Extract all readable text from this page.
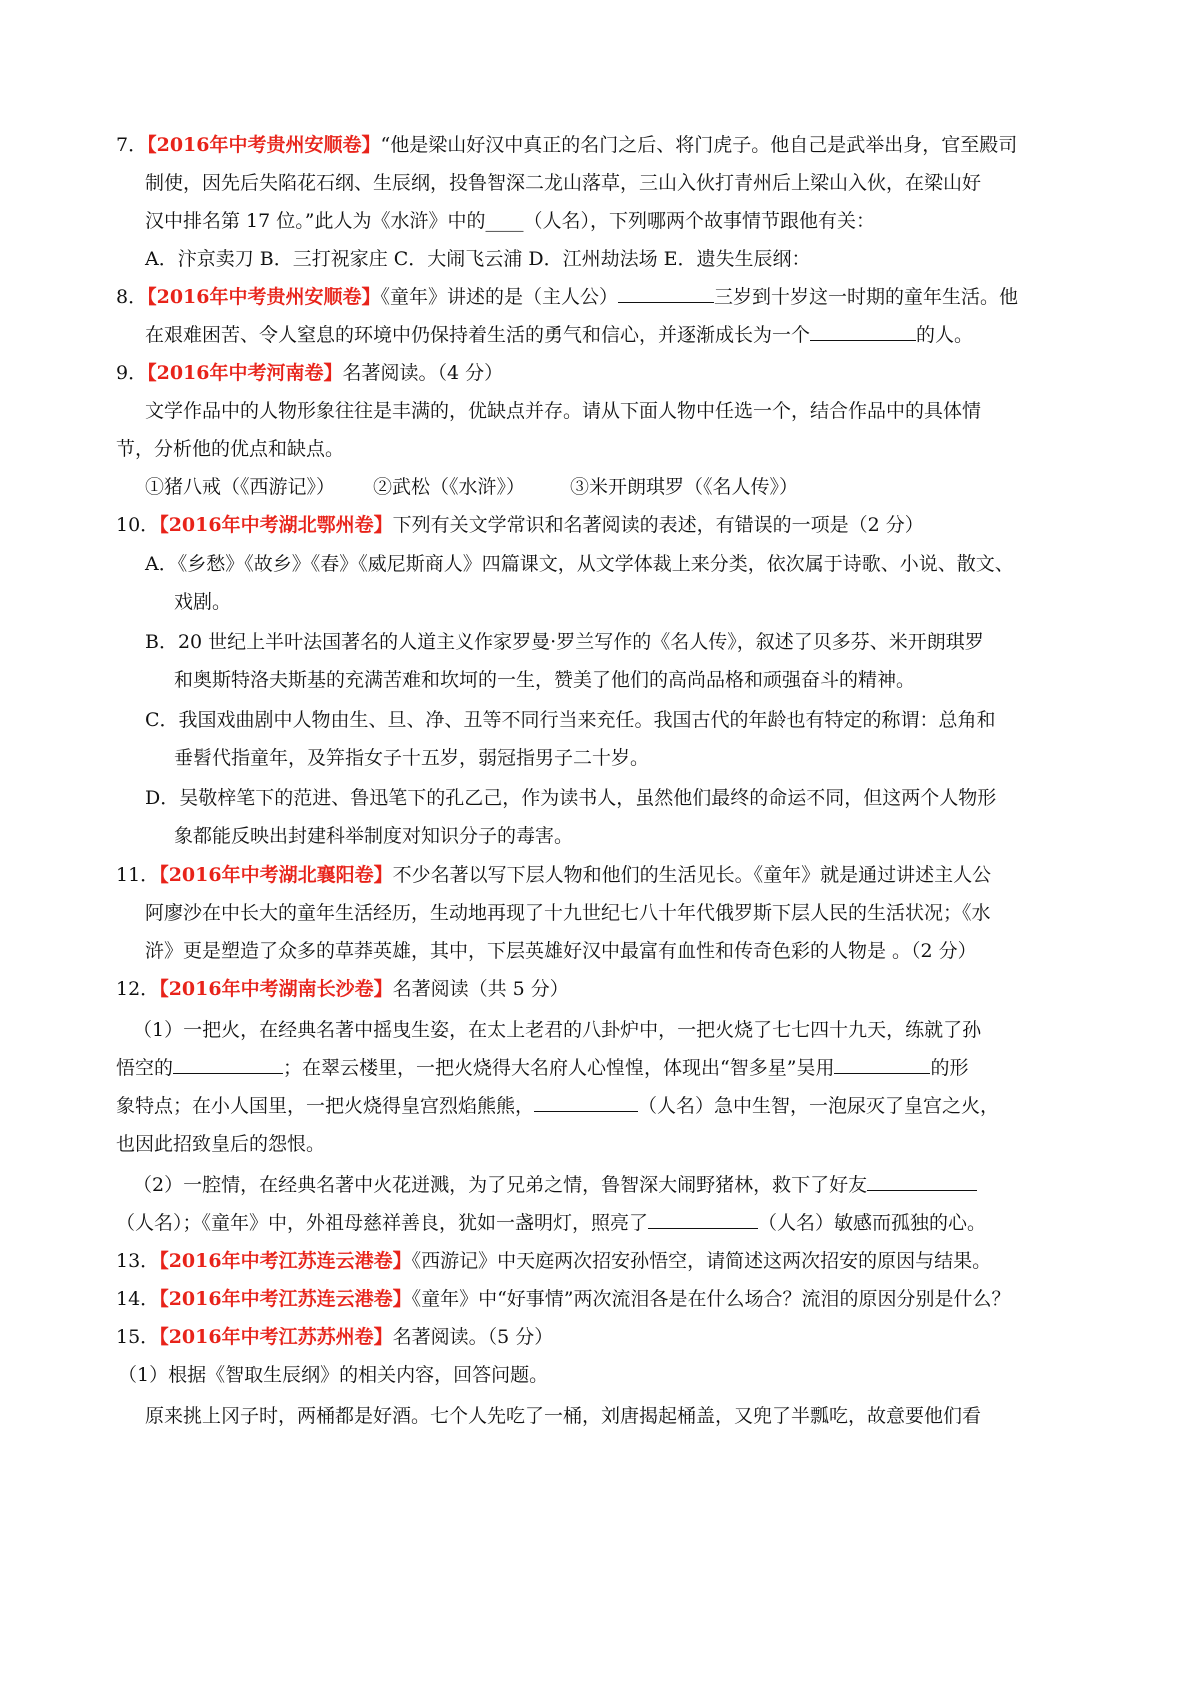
7．【2016年中考贵州安顺卷】“他是梁山好汉中真正的名门之后、将门虎子。他自己是武举出身，官至殿司
制使，因先后失陷花石纲、生辰纲，投鲁智深二龙山落草，三山入伙打青州后上梁山入伙，在梁山好
汉中排名第 17 位。”此人为《水浒》中的____（人名），下列哪两个故事情节跟他有关：
A．汴京卖刀 B．三打祝家庄 C．大闹飞云浦 D．江州劫法场 E．遗失生辰纲：
8．【2016年中考贵州安顺卷】《童年》讲述的是（主人公）	三岁到十岁这一时期的童年生活。他
在艰难困苦、令人窒息的环境中仍保持着生活的勇气和信心，并逐渐成长为一个	的人。
9．【2016年中考河南卷】名著阅读。（4 分）
文学作品中的人物形象往往是丰满的，优缺点并存。请从下面人物中任选一个，结合作品中的具体情
节，分析他的优点和缺点。
①猪八戒（《西游记》） ②武松（《水浒》） ③米开朗琪罗（《名人传》）
10．【2016年中考湖北鄂州卷】下列有关文学常识和名著阅读的表述，有错误的一项是（2 分）
A．《乡愁》《故乡》《春》《威尼斯商人》四篇课文，从文学体裁上来分类，依次属于诗歌、小说、散文、
戏剧。
B．20 世纪上半叶法国著名的人道主义作家罗曼·罗兰写作的《名人传》，叙述了贝多芬、米开朗琪罗
和奥斯特洛夫斯基的充满苦难和坎坷的一生，赞美了他们的高尚品格和顽强奋斗的精神。
C．我国戏曲剧中人物由生、旦、净、丑等不同行当来充任。我国古代的年龄也有特定的称谓：总角和
垂髫代指童年，及笄指女子十五岁，弱冠指男子二十岁。
D．吴敬梓笔下的范进、鲁迅笔下的孔乙己，作为读书人，虽然他们最终的命运不同，但这两个人物形
象都能反映出封建科举制度对知识分子的毒害。
11．【2016年中考湖北襄阳卷】不少名著以写下层人物和他们的生活见长。《童年》就是通过讲述主人公
阿廖沙在中长大的童年生活经历，生动地再现了十九世纪七八十年代俄罗斯下层人民的生活状况；《水
浒》更是塑造了众多的草莽英雄，其中，下层英雄好汉中最富有血性和传奇色彩的人物是 。（2 分）
12．【2016年中考湖南长沙卷】名著阅读（共 5 分）
（1）一把火，在经典名著中摇曳生姿，在太上老君的八卦炉中，一把火烧了七七四十九天，练就了孙
悟空的	；在翠云楼里，一把火烧得大名府人心惶惶，体现出“智多星”吴用	的形
象特点；在小人国里，一把火烧得皇宫烈焰熊熊，	（人名）急中生智，一泡尿灭了皇宫之火，
也因此招致皇后的怨恨。
（2）一腔情，在经典名著中火花迸溅，为了兄弟之情，鲁智深大闹野猪林，救下了好友
（人名）；《童年》中，外祖母慈祥善良，犹如一盏明灯，照亮了	（人名）敏感而孤独的心。
13．【2016年中考江苏连云港卷】《西游记》中天庭两次招安孙悟空，请简述这两次招安的原因与结果。
14．【2016年中考江苏连云港卷】《童年》中“好事情”两次流泪各是在什么场合？流泪的原因分别是什么？
15．【2016年中考江苏苏州卷】名著阅读。（5 分）
（1）根据《智取生辰纲》的相关内容，回答问题。
原来挑上冈子时，两桶都是好酒。七个人先吃了一桶，刘唐揭起桶盖，又兜了半瓢吃，故意要他们看
